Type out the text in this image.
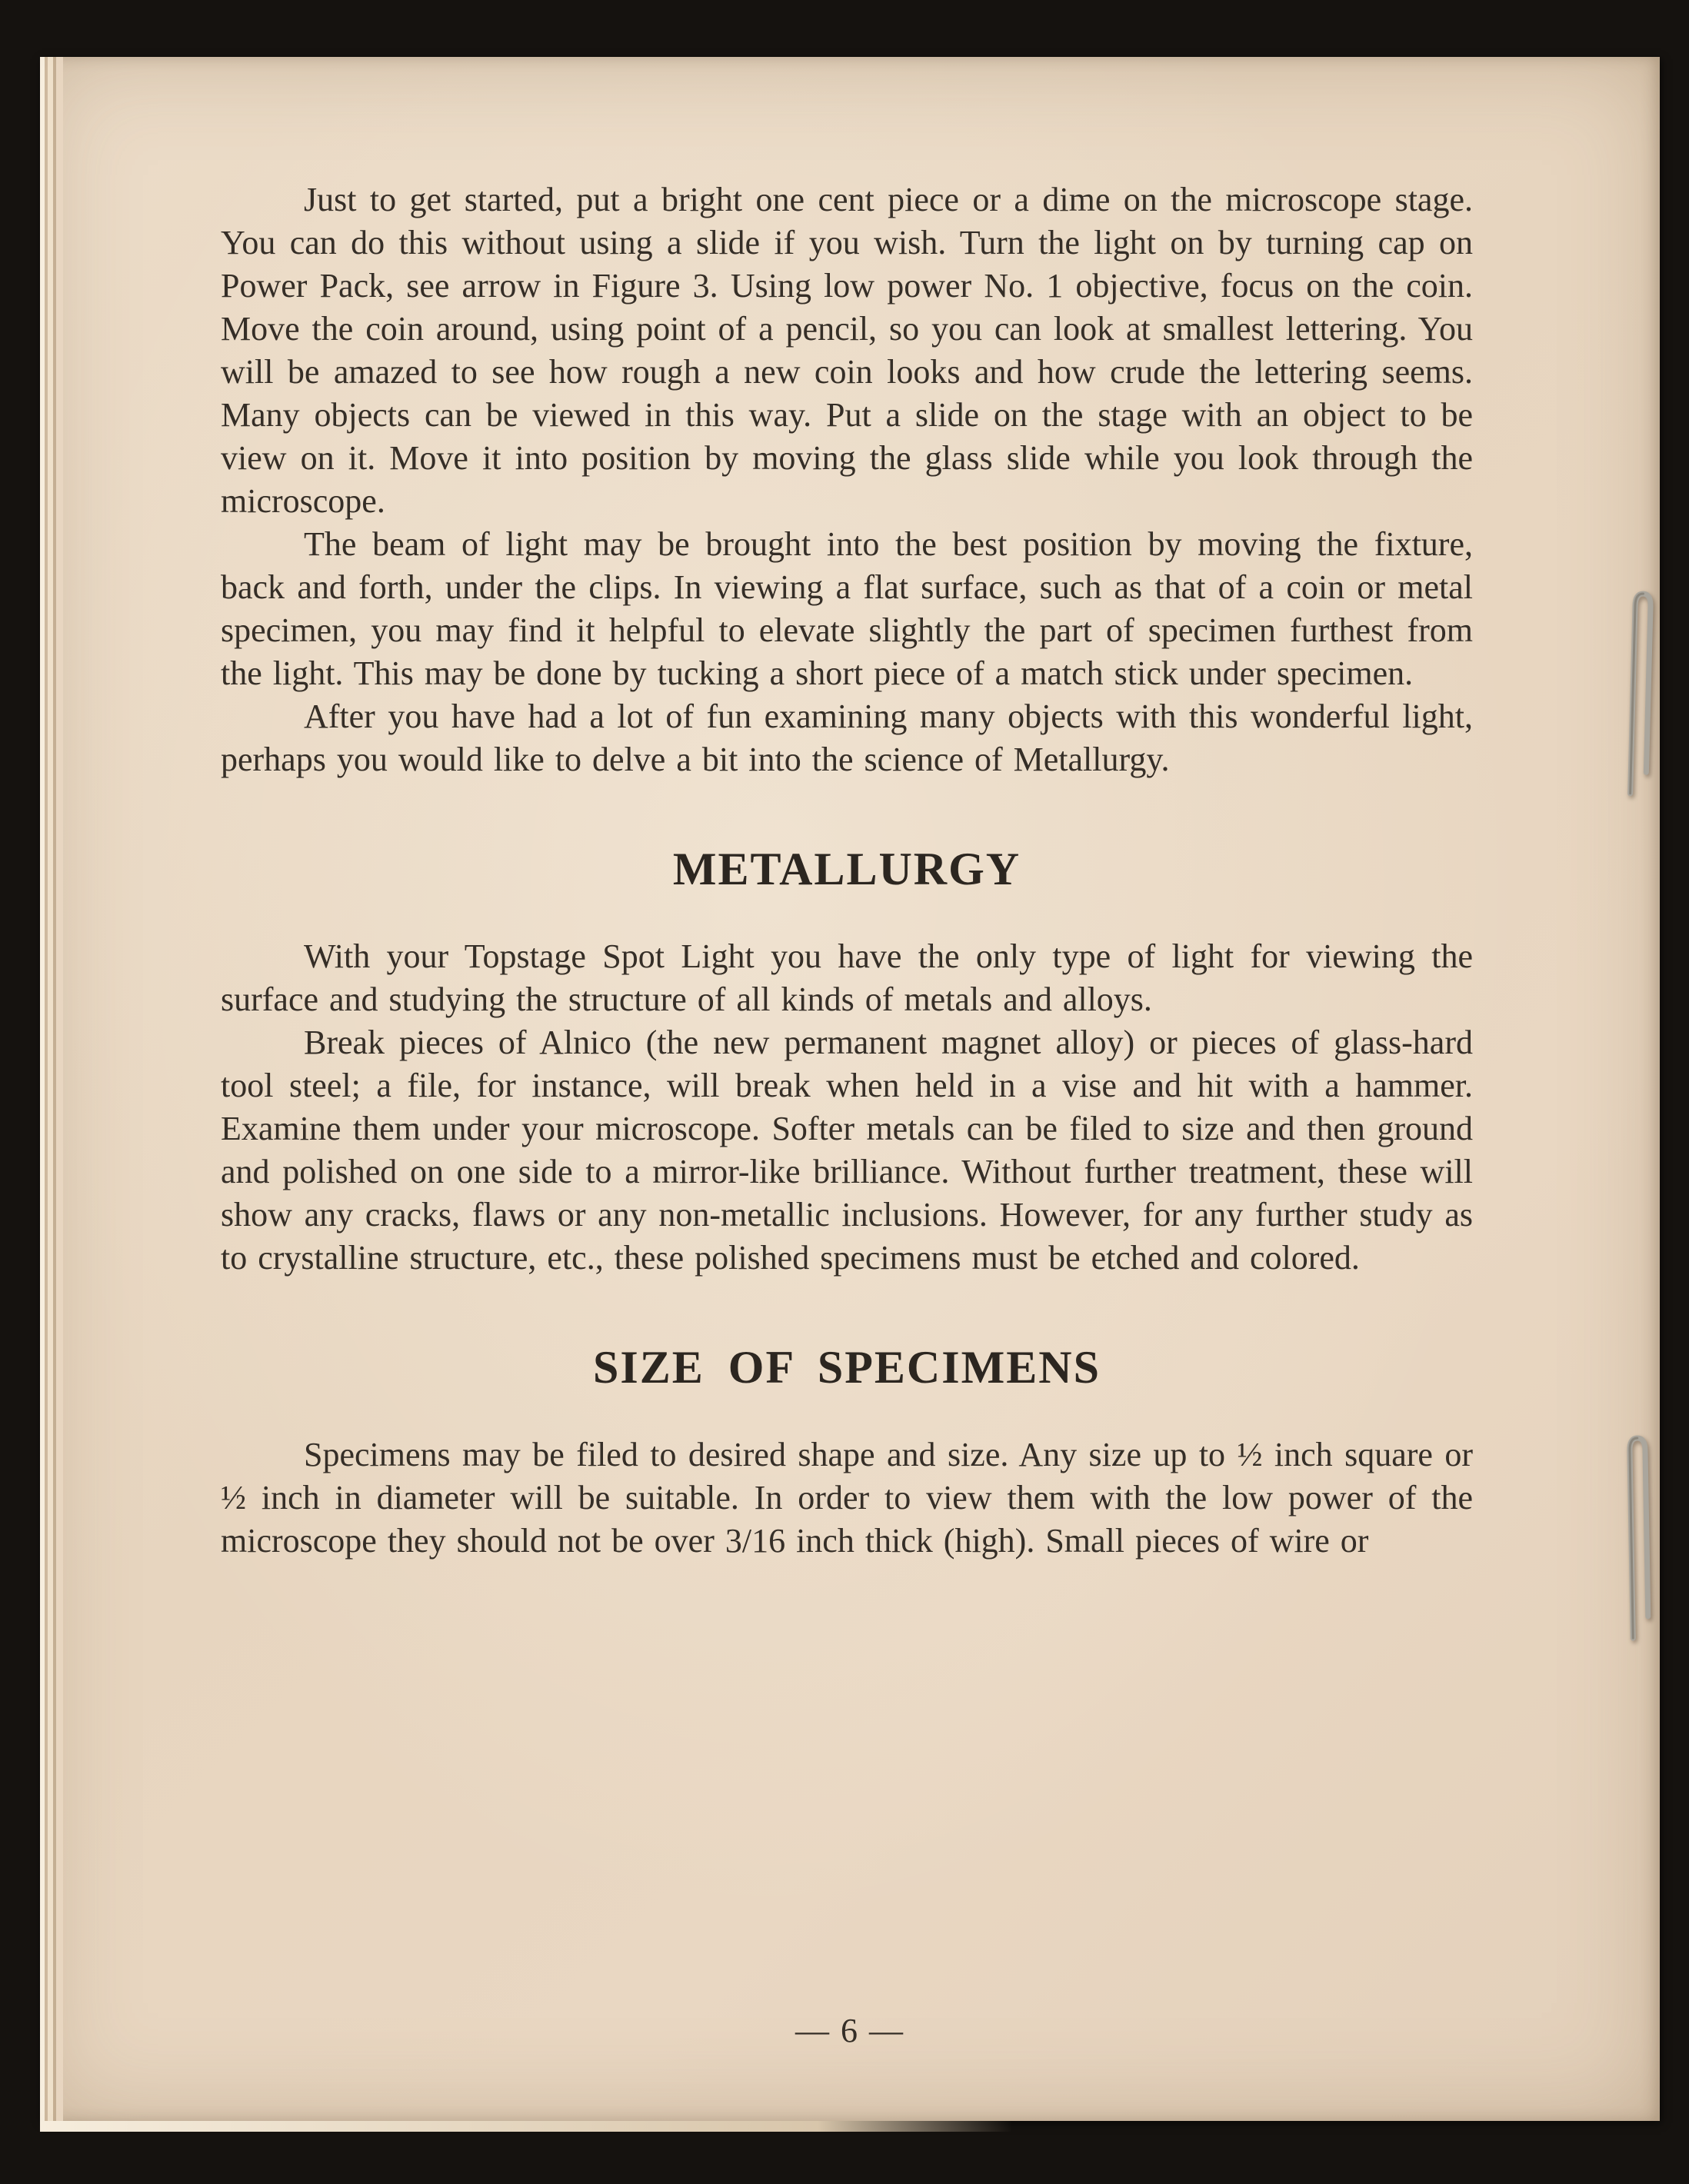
Just to get started, put a bright one cent piece or a dime on the microscope stage. You can do this without using a slide if you wish. Turn the light on by turning cap on Power Pack, see arrow in Figure 3. Using low power No. 1 objective, focus on the coin. Move the coin around, using point of a pencil, so you can look at smallest lettering. You will be amazed to see how rough a new coin looks and how crude the lettering seems. Many objects can be viewed in this way. Put a slide on the stage with an object to be view on it. Move it into position by moving the glass slide while you look through the microscope.

The beam of light may be brought into the best position by moving the fixture, back and forth, under the clips. In viewing a flat surface, such as that of a coin or metal specimen, you may find it helpful to elevate slightly the part of specimen furthest from the light. This may be done by tucking a short piece of a match stick under specimen.

After you have had a lot of fun examining many objects with this wonderful light, perhaps you would like to delve a bit into the science of Metallurgy.

METALLURGY

With your Topstage Spot Light you have the only type of light for viewing the surface and studying the structure of all kinds of metals and alloys.

Break pieces of Alnico (the new permanent magnet alloy) or pieces of glass-hard tool steel; a file, for instance, will break when held in a vise and hit with a hammer. Examine them under your microscope. Softer metals can be filed to size and then ground and polished on one side to a mirror-like brilliance. Without further treatment, these will show any cracks, flaws or any non-metallic inclusions. However, for any further study as to crystalline structure, etc., these polished specimens must be etched and colored.

SIZE OF SPECIMENS

Specimens may be filed to desired shape and size. Any size up to ½ inch square or ½ inch in diameter will be suitable. In order to view them with the low power of the microscope they should not be over 3/16 inch thick (high). Small pieces of wire or

— 6 —
